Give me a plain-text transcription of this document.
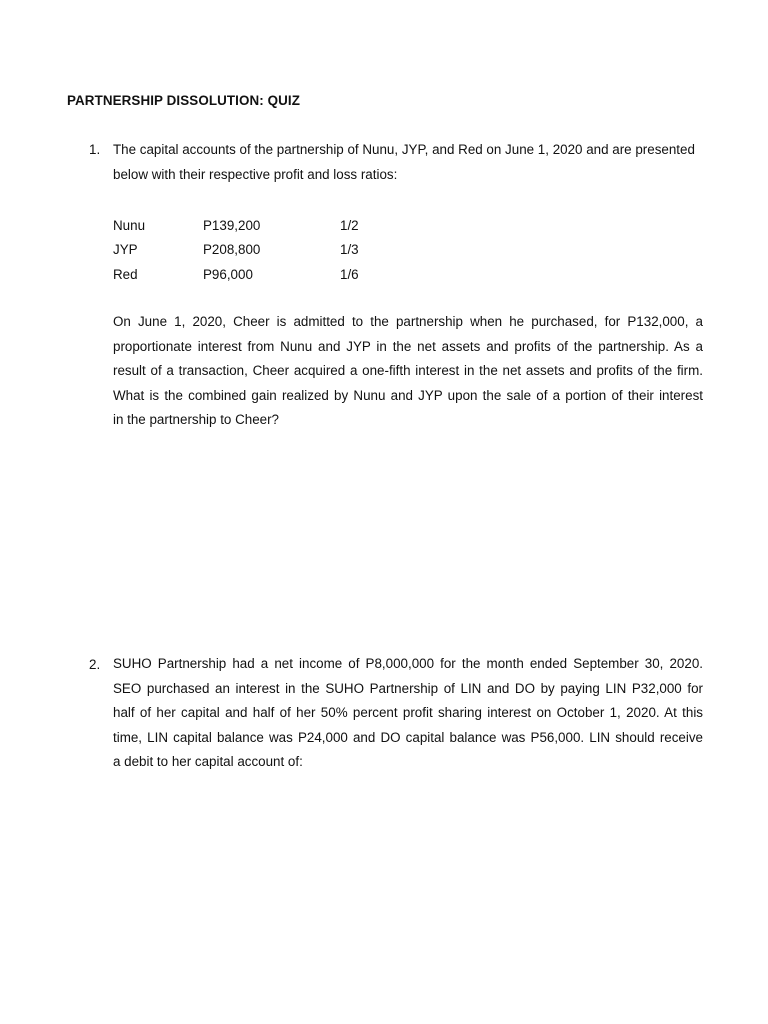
PARTNERSHIP DISSOLUTION: QUIZ
1. The capital accounts of the partnership of Nunu, JYP, and Red on June 1, 2020 and are presented
below with their respective profit and loss ratios:
Nunu	P139,200	1/2
JYP	P208,800	1/3
Red	P96,000	1/6
On June 1, 2020, Cheer is admitted to the partnership when he purchased, for P132,000, a
proportionate interest from Nunu and JYP in the net assets and profits of the partnership. As a
result of a transaction, Cheer acquired a one-fifth interest in the net assets and profits of the firm.
What is the combined gain realized by Nunu and JYP upon the sale of a portion of their interest
in the partnership to Cheer?
2. SUHO Partnership had a net income of P8,000,000 for the month ended September 30, 2020.
SEO purchased an interest in the SUHO Partnership of LIN and DO by paying LIN P32,000 for
half of her capital and half of her 50% percent profit sharing interest on October 1, 2020. At this
time, LIN capital balance was P24,000 and DO capital balance was P56,000. LIN should receive
a debit to her capital account of:
